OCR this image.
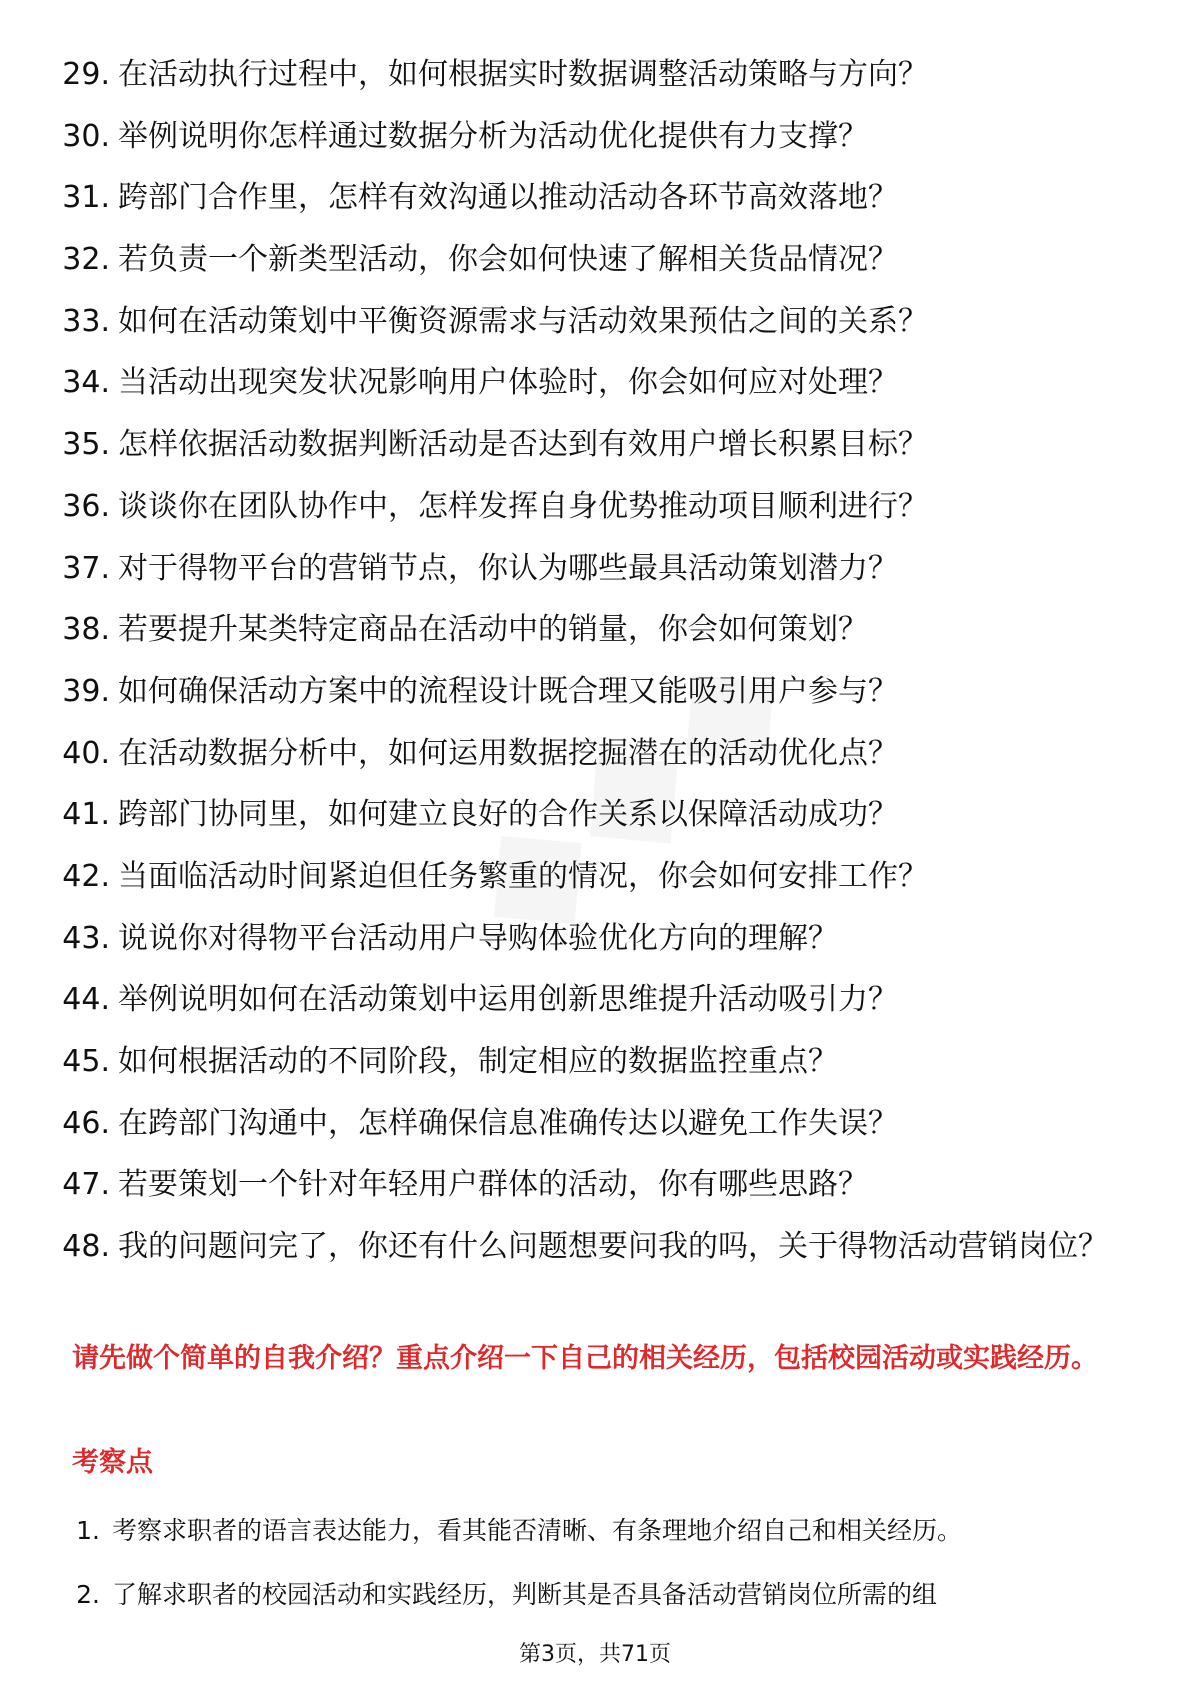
29. 在活动执行过程中，如何根据实时数据调整活动策略与方向？
30. 举例说明你怎样通过数据分析为活动优化提供有力支撑？
31. 跨部门合作里，怎样有效沟通以推动活动各环节高效落地？
32. 若负责一个新类型活动，你会如何快速了解相关货品情况？
33. 如何在活动策划中平衡资源需求与活动效果预估之间的关系？
34. 当活动出现突发状况影响用户体验时，你会如何应对处理？
35. 怎样依据活动数据判断活动是否达到有效用户增长积累目标？
36. 谈谈你在团队协作中，怎样发挥自身优势推动项目顺利进行？
37. 对于得物平台的营销节点，你认为哪些最具活动策划潜力？
38. 若要提升某类特定商品在活动中的销量，你会如何策划？
39. 如何确保活动方案中的流程设计既合理又能吸引用户参与？
40. 在活动数据分析中，如何运用数据挖掘潜在的活动优化点？
41. 跨部门协同里，如何建立良好的合作关系以保障活动成功？
42. 当面临活动时间紧迫但任务繁重的情况，你会如何安排工作？
43. 说说你对得物平台活动用户导购体验优化方向的理解？
44. 举例说明如何在活动策划中运用创新思维提升活动吸引力？
45. 如何根据活动的不同阶段，制定相应的数据监控重点？
46. 在跨部门沟通中，怎样确保信息准确传达以避免工作失误？
47. 若要策划一个针对年轻用户群体的活动，你有哪些思路？
48. 我的问题问完了，你还有什么问题想要问我的吗，关于得物活动营销岗位？
请先做个简单的自我介绍？重点介绍一下自己的相关经历，包括校园活动或实践经历。
考察点
1. 考察求职者的语言表达能力，看其能否清晰、有条理地介绍自己和相关经历。
2. 了解求职者的校园活动和实践经历，判断其是否具备活动营销岗位所需的组
第3页，共71页
